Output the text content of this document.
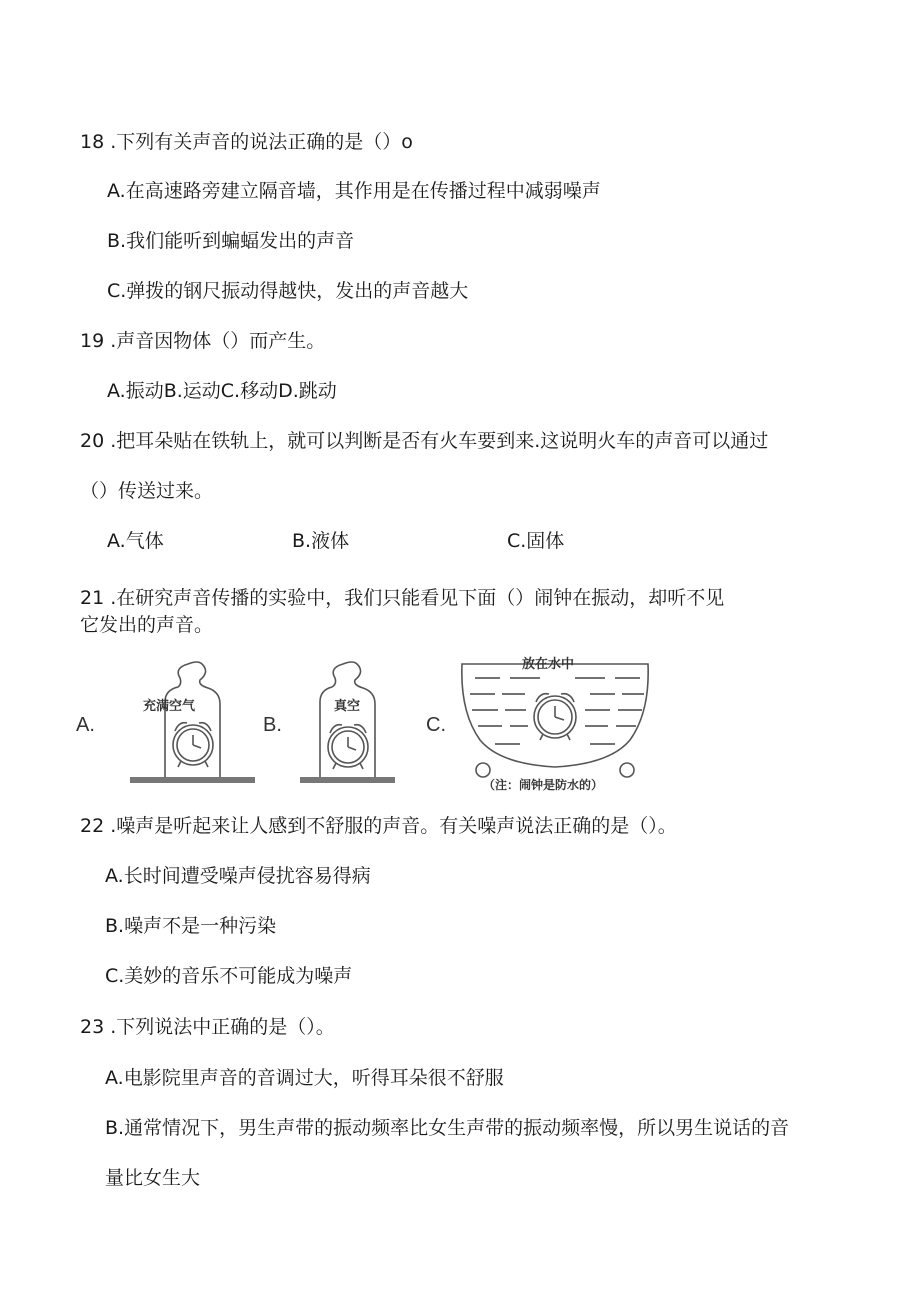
18 .下列有关声音的说法正确的是（）o
A.在高速路旁建立隔音墙，其作用是在传播过程中减弱噪声
B.我们能听到蝙蝠发出的声音
C.弹拨的钢尺振动得越快，发出的声音越大
19 .声音因物体（）而产生。
A.振动B.运动C.移动D.跳动
20 .把耳朵贴在铁轨上，就可以判断是否有火车要到来.这说明火车的声音可以通过
（）传送过来。
A.气体	B.液体	C.固体
21 .在研究声音传播的实验中，我们只能看见下面（）闹钟在振动，却听不见
它发出的声音。
A.	B.	C.
充满空气	真空
放在水中
（注：闹钟是防水的）
22 .噪声是听起来让人感到不舒服的声音。有关噪声说法正确的是（）。
A.长时间遭受噪声侵扰容易得病
B.噪声不是一种污染
C.美妙的音乐不可能成为噪声
23 .下列说法中正确的是（）。
A.电影院里声音的音调过大，听得耳朵很不舒服
B.通常情况下，男生声带的振动频率比女生声带的振动频率慢，所以男生说话的音
量比女生大
